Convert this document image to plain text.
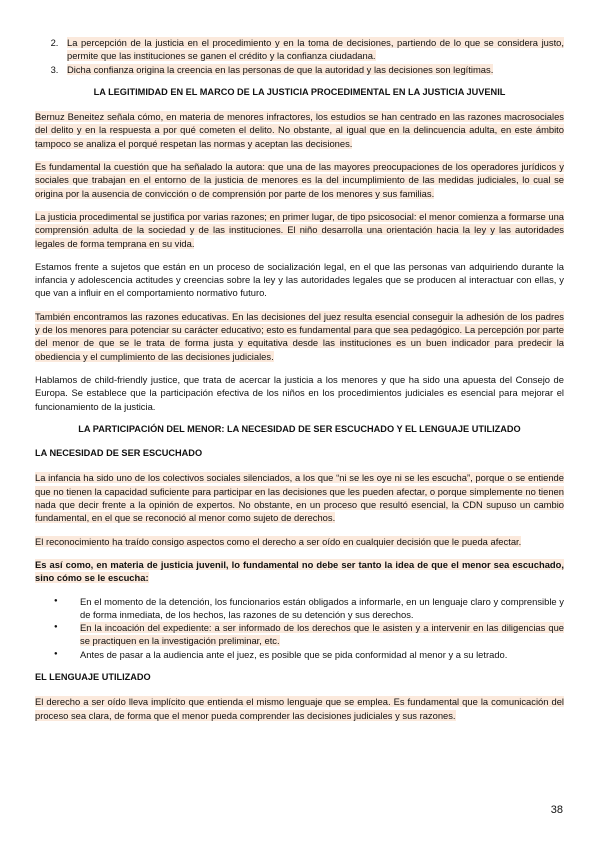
2. La percepción de la justicia en el procedimiento y en la toma de decisiones, partiendo de lo que se considera justo, permite que las instituciones se ganen el crédito y la confianza ciudadana.
3. Dicha confianza origina la creencia en las personas de que la autoridad y las decisiones son legítimas.
LA LEGITIMIDAD EN EL MARCO DE LA JUSTICIA PROCEDIMENTAL EN LA JUSTICIA JUVENIL

Bernuz Beneitez señala cómo, en materia de menores infractores, los estudios se han centrado en las razones macrosociales del delito y en la respuesta a por qué cometen el delito. No obstante, al igual que en la delincuencia adulta, en este ámbito tampoco se analiza el porqué respetan las normas y aceptan las decisiones.

Es fundamental la cuestión que ha señalado la autora: que una de las mayores preocupaciones de los operadores jurídicos y sociales que trabajan en el entorno de la justicia de menores es la del incumplimiento de las medidas judiciales, lo cual se origina por la ausencia de convicción o de comprensión por parte de los menores y sus familias.

La justicia procedimental se justifica por varias razones; en primer lugar, de tipo psicosocial: el menor comienza a formarse una comprensión adulta de la sociedad y de las instituciones. El niño desarrolla una orientación hacia la ley y las autoridades legales de forma temprana en su vida.

Estamos frente a sujetos que están en un proceso de socialización legal, en el que las personas van adquiriendo durante la infancia y adolescencia actitudes y creencias sobre la ley y las autoridades legales que se producen al interactuar con ellas, y que van a influir en el comportamiento normativo futuro.

También encontramos las razones educativas. En las decisiones del juez resulta esencial conseguir la adhesión de los padres y de los menores para potenciar su carácter educativo; esto es fundamental para que sea pedagógico. La percepción por parte del menor de que se le trata de forma justa y equitativa desde las instituciones es un buen indicador para predecir la obediencia y el cumplimiento de las decisiones judiciales.

Hablamos de child-friendly justice, que trata de acercar la justicia a los menores y que ha sido una apuesta del Consejo de Europa. Se establece que la participación efectiva de los niños en los procedimientos judiciales es esencial para mejorar el funcionamiento de la justicia.

LA PARTICIPACIÓN DEL MENOR: LA NECESIDAD DE SER ESCUCHADO Y EL LENGUAJE UTILIZADO
LA NECESIDAD DE SER ESCUCHADO

La infancia ha sido uno de los colectivos sociales silenciados, a los que “ni se les oye ni se les escucha”, porque o se entiende que no tienen la capacidad suficiente para participar en las decisiones que les pueden afectar, o porque simplemente no tienen nada que decir frente a la opinión de expertos. No obstante, en un proceso que resultó esencial, la CDN supuso un cambio fundamental, en el que se reconoció al menor como sujeto de derechos.

El reconocimiento ha traído consigo aspectos como el derecho a ser oído en cualquier decisión que le pueda afectar.

Es así como, en materia de justicia juvenil, lo fundamental no debe ser tanto la idea de que el menor sea escuchado, sino cómo se le escucha:

● En el momento de la detención, los funcionarios están obligados a informarle, en un lenguaje claro y comprensible y de forma inmediata, de los hechos, las razones de su detención y sus derechos.
● En la incoación del expediente: a ser informado de los derechos que le asisten y a intervenir en las diligencias que se practiquen en la investigación preliminar, etc.
● Antes de pasar a la audiencia ante el juez, es posible que se pida conformidad al menor y a su letrado.
EL LENGUAJE UTILIZADO

El derecho a ser oído lleva implícito que entienda el mismo lenguaje que se emplea. Es fundamental que la comunicación del proceso sea clara, de forma que el menor pueda comprender las decisiones judiciales y sus razones.

38
